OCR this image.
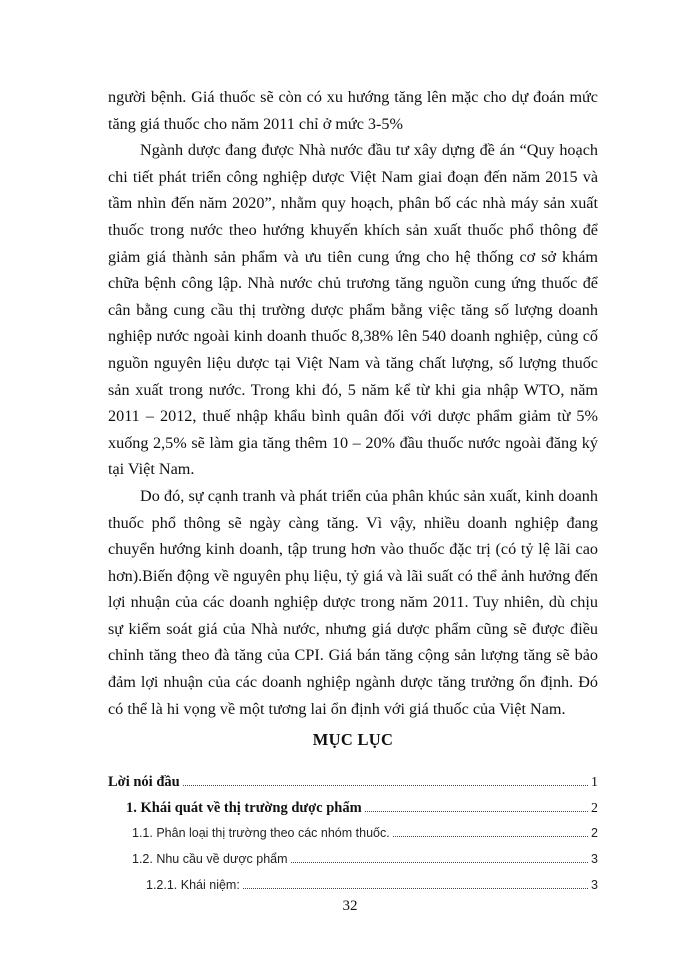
người bệnh. Giá thuốc sẽ còn có xu hướng tăng lên mặc cho dự đoán mức tăng giá thuốc cho năm 2011 chỉ ở mức 3-5%

Ngành dược đang được Nhà nước đầu tư xây dựng đề án “Quy hoạch chi tiết phát triển công nghiệp dược Việt Nam giai đoạn đến năm 2015 và tầm nhìn đến năm 2020”, nhằm quy hoạch, phân bố các nhà máy sản xuất thuốc trong nước theo hướng khuyến khích sản xuất thuốc phổ thông để giảm giá thành sản phẩm và ưu tiên cung ứng cho hệ thống cơ sở khám chữa bệnh công lập. Nhà nước chủ trương tăng nguồn cung ứng thuốc để cân bằng cung cầu thị trường dược phẩm bằng việc tăng số lượng doanh nghiệp nước ngoài kinh doanh thuốc 8,38% lên 540 doanh nghiệp, củng cố nguồn nguyên liệu dược tại Việt Nam và tăng chất lượng, số lượng thuốc sản xuất trong nước. Trong khi đó, 5 năm kể từ khi gia nhập WTO, năm 2011 – 2012, thuế nhập khẩu bình quân đối với dược phẩm giảm từ 5% xuống 2,5% sẽ làm gia tăng thêm 10 – 20% đầu thuốc nước ngoài đăng ký tại Việt Nam.

Do đó, sự cạnh tranh và phát triển của phân khúc sản xuất, kinh doanh thuốc phổ thông sẽ ngày càng tăng. Vì vậy, nhiều doanh nghiệp đang chuyển hướng kinh doanh, tập trung hơn vào thuốc đặc trị (có tỷ lệ lãi cao hơn).Biến động về nguyên phụ liệu, tỷ giá và lãi suất có thể ảnh hưởng đến lợi nhuận của các doanh nghiệp dược trong năm 2011. Tuy nhiên, dù chịu sự kiểm soát giá của Nhà nước, nhưng giá dược phẩm cũng sẽ được điều chỉnh tăng theo đà tăng của CPI. Giá bán tăng cộng sản lượng tăng sẽ bảo đảm lợi nhuận của các doanh nghiệp ngành dược tăng trưởng ổn định. Đó có thể là hi vọng về một tương lai ổn định với giá thuốc của Việt Nam.

MỤC LỤC
Lời nói đầu	1
1. Khái quát về thị trường dược phẩm	2
1.1. Phân loại thị trường theo các nhóm thuốc.	2
1.2. Nhu cầu về dược phẩm	3
1.2.1. Khái niệm:	3
32
